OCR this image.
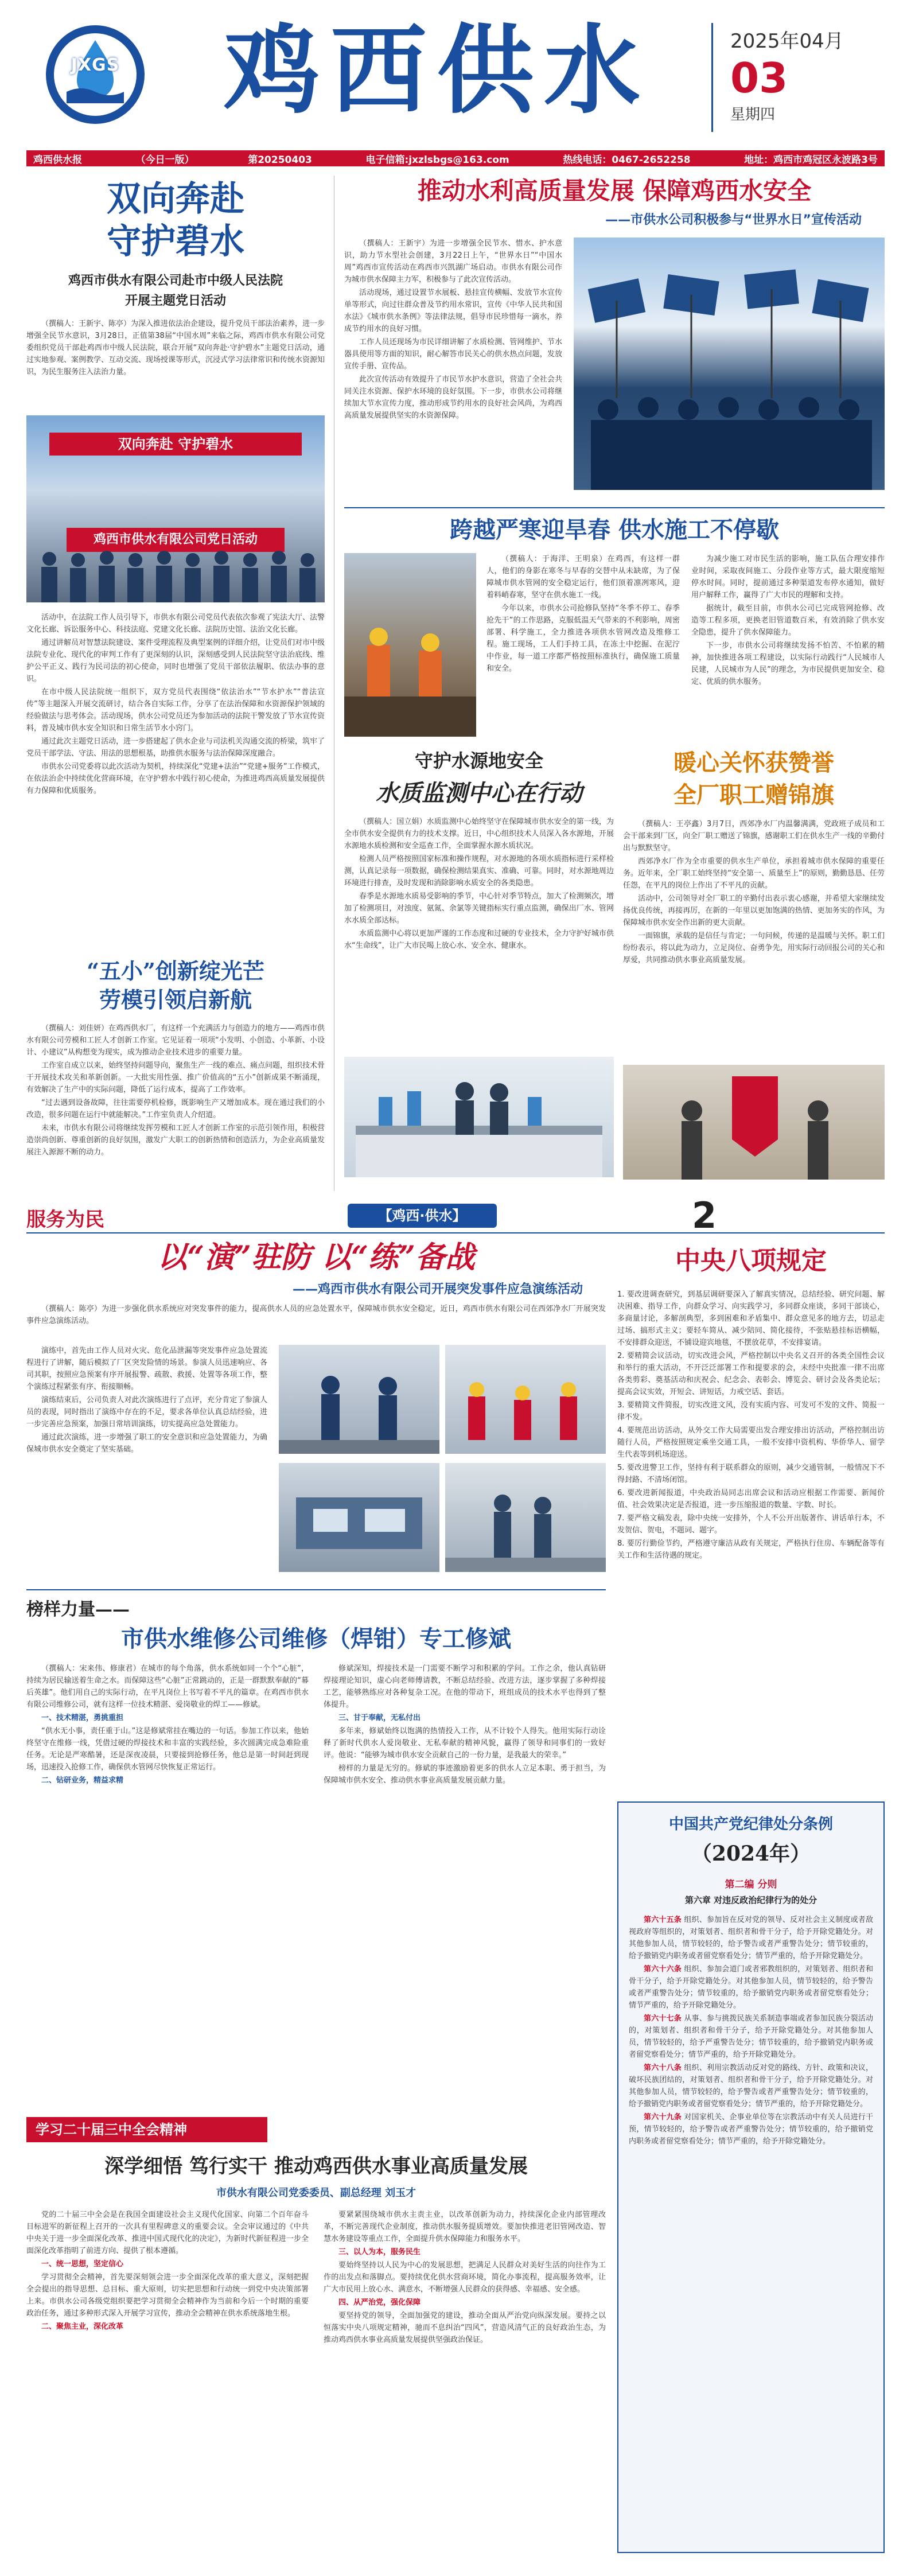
JXGS 鸡西供水	2025年04月
03
星期四
鸡西供水报	（今日一版）	第20250403	电子信箱:jxzlsbgs@163.com	热线电话：0467-2652258	地址：鸡西市鸡冠区永波路3号
双向奔赴
守护碧水
鸡西市供水有限公司赴市中级人民法院
开展主题党日活动

（撰稿人：王新宇、陈亭）为深入推进依法治企建设，提升党员干部法治素养，进一步增强全民节水意识，3月28日，正值第38届“中国水周”来临之际，鸡西市供水有限公司党委组织党员干部赴鸡西市中级人民法院，联合开展“双向奔赴·守护碧水”主题党日活动，通过实地参观、案例教学、互动交流、现场授课等形式，沉浸式学习法律常识和传统水资源知识，为民生服务注入法治力量。

双向奔赴 守护碧水
鸡西市供水有限公司党日活动

活动中，在法院工作人员引导下，市供水有限公司党员代表依次参观了宪法大厅、法警文化长廊、诉讼服务中心、科技法庭、党建文化长廊、法院历史馆、法治文化长廊。

通过讲解员对智慧法院建设、案件受理流程及典型案例的详细介绍，让党员们对市中级法院专业化、现代化的审判工作有了更深刻的认识，深刻感受到人民法院坚守法治底线、维护公平正义、践行为民司法的初心使命，同时也增强了党员干部依法履职、依法办事的意识。

在市中级人民法院统一组织下，双方党员代表围绕“依法治水”“节水护水”“普法宣传”等主题深入开展交流研讨，结合各自实际工作，分享了在法治保障和水资源保护领域的经验做法与思考体会。活动现场，供水公司党员还为参加活动的法院干警发放了节水宣传资料，普及城市供水安全知识和日常生活节水小窍门。

通过此次主题党日活动，进一步搭建起了供水企业与司法机关沟通交流的桥梁，筑牢了党员干部学法、守法、用法的思想根基，助推供水服务与法治保障深度融合。

市供水公司党委将以此次活动为契机，持续深化“党建+法治”“党建+服务”工作模式，在依法治企中持续优化营商环境，在守护碧水中践行初心使命，为推进鸡西高质量发展提供有力保障和优质服务。

推动水利高质量发展 保障鸡西水安全
——市供水公司积极参与“世界水日”宣传活动

（撰稿人：王新宇）为进一步增强全民节水、惜水、护水意识，助力节水型社会创建，3月22日上午，“世界水日”“中国水周”鸡西市宣传活动在鸡西市兴凯湖广场启动。市供水有限公司作为城市供水保障主力军，积极参与了此次宣传活动。

活动现场，通过设置节水展板、悬挂宣传横幅、发放节水宣传单等形式，向过往群众普及节约用水常识，宣传《中华人民共和国水法》《城市供水条例》等法律法规，倡导市民珍惜每一滴水，养成节约用水的良好习惯。

工作人员还现场为市民详细讲解了水质检测、管网维护、节水器具使用等方面的知识，耐心解答市民关心的供水热点问题，发放宣传手册、宣传品。

此次宣传活动有效提升了市民节水护水意识，营造了全社会共同关注水资源、保护水环境的良好氛围。下一步，市供水公司将继续加大节水宣传力度，推动形成节约用水的良好社会风尚，为鸡西高质量发展提供坚实的水资源保障。

跨越严寒迎旱春 供水施工不停歇

（撰稿人：于海洋、王明泉）在鸡西，有这样一群人，他们的身影在寒冬与早春的交替中从未缺席，为了保障城市供水管网的安全稳定运行，他们顶着凛冽寒风，迎着料峭春寒，坚守在供水施工一线。

今年以来，市供水公司抢修队坚持“冬季不停工、春季抢先干”的工作思路，克服低温天气带来的不利影响，周密部署、科学施工，全力推进各项供水管网改造及维修工程。施工现场，工人们手持工具，在冻土中挖掘、在泥泞中作业，每一道工序都严格按照标准执行，确保施工质量和安全。

为减少施工对市民生活的影响，施工队伍合理安排作业时间，采取夜间施工、分段作业等方式，最大限度缩短停水时间。同时，提前通过多种渠道发布停水通知，做好用户解释工作，赢得了广大市民的理解和支持。

据统计，截至目前，市供水公司已完成管网抢修、改造等工程多项，更换老旧管道数百米，有效消除了供水安全隐患，提升了供水保障能力。

下一步，市供水公司将继续发扬不怕苦、不怕累的精神，加快推进各项工程建设，以实际行动践行“人民城市人民建，人民城市为人民”的理念，为市民提供更加安全、稳定、优质的供水服务。

守护水源地安全
水质监测中心在行动

（撰稿人：国立娟）水质监测中心始终坚守在保障城市供水安全的第一线，为全市供水安全提供有力的技术支撑。近日，中心组织技术人员深入各水源地，开展水源地水质检测和安全巡查工作，全面掌握水源水质状况。

检测人员严格按照国家标准和操作规程，对水源地的各项水质指标进行采样检测，认真记录每一项数据，确保检测结果真实、准确、可靠。同时，对水源地周边环境进行排查，及时发现和消除影响水质安全的各类隐患。

春季是水源地水质易受影响的季节，中心针对季节特点，加大了检测频次，增加了检测项目，对浊度、氨氮、余氯等关键指标实行重点监测，确保出厂水、管网水水质全部达标。

水质监测中心将以更加严谨的工作态度和过硬的专业技术，全力守护好城市供水“生命线”，让广大市民喝上放心水、安全水、健康水。

暖心关怀获赞誉
全厂职工赠锦旗

（撰稿人：王亭鑫）3月7日，西郊净水厂内温馨满满，党政班子成员和工会干部来到厂区，向全厂职工赠送了锦旗，感谢职工们在供水生产一线的辛勤付出与默默坚守。

西郊净水厂作为全市重要的供水生产单位，承担着城市供水保障的重要任务。近年来，全厂职工始终坚持“安全第一、质量至上”的原则，勤勤恳恳、任劳任怨，在平凡的岗位上作出了不平凡的贡献。

活动中，公司领导对全厂职工的辛勤付出表示衷心感谢，并希望大家继续发扬优良传统，再接再厉，在新的一年里以更加饱满的热情、更加务实的作风，为保障城市供水安全作出新的更大贡献。

一面锦旗，承载的是信任与肯定；一句问候，传递的是温暖与关怀。职工们纷纷表示，将以此为动力，立足岗位、奋勇争先，用实际行动回报公司的关心和厚爱，共同推动供水事业高质量发展。

“五小”创新绽光芒
劳模引领启新航

（撰稿人：刘佳妍）在鸡西供水厂，有这样一个充满活力与创造力的地方——鸡西市供水有限公司劳模和工匠人才创新工作室。它见证着一项项“小发明、小创造、小革新、小设计、小建议”从构想变为现实，成为推动企业技术进步的重要力量。

工作室自成立以来，始终坚持问题导向，聚焦生产一线的难点、痛点问题，组织技术骨干开展技术攻关和革新创新。一大批实用性强、推广价值高的“五小”创新成果不断涌现，有效解决了生产中的实际问题，降低了运行成本，提高了工作效率。

“过去遇到设备故障，往往需要停机检修，既影响生产又增加成本。现在通过我们的小改造，很多问题在运行中就能解决。”工作室负责人介绍道。

未来，市供水有限公司将继续发挥劳模和工匠人才创新工作室的示范引领作用，积极营造崇尚创新、尊重创新的良好氛围，激发广大职工的创新热情和创造活力，为企业高质量发展注入源源不断的动力。

服务为民	【鸡西·供水】	2
以“演”驻防 以“练”备战
——鸡西市供水有限公司开展突发事件应急演练活动

（撰稿人：陈亭）为进一步强化供水系统应对突发事件的能力，提高供水人员的应急处置水平，保障城市供水安全稳定，近日，鸡西市供水有限公司在西郊净水厂开展突发事件应急演练活动。

演练中，首先由工作人员对火灾、危化品泄漏等突发事件应急处置流程进行了讲解，随后模拟了厂区突发险情的场景。参演人员迅速响应、各司其职，按照应急预案有序开展报警、疏散、救援、处置等各项工作，整个演练过程紧张有序、衔接顺畅。

演练结束后，公司负责人对此次演练进行了点评，充分肯定了参演人员的表现，同时指出了演练中存在的不足，要求各单位认真总结经验，进一步完善应急预案，加强日常培训演练，切实提高应急处置能力。

通过此次演练，进一步增强了职工的安全意识和应急处置能力，为确保城市供水安全奠定了坚实基础。

中央八项规定

1. 要改进调查研究，到基层调研要深入了解真实情况，总结经验、研究问题、解决困难、指导工作，向群众学习、向实践学习，多同群众座谈，多同干部谈心，多商量讨论，多解剖典型，多到困难和矛盾集中、群众意见多的地方去，切忌走过场、搞形式主义；要轻车简从、减少陪同、简化接待，不张贴悬挂标语横幅，不安排群众迎送，不铺设迎宾地毯，不摆放花草，不安排宴请。

2. 要精简会议活动，切实改进会风，严格控制以中央名义召开的各类全国性会议和举行的重大活动，不开泛泛部署工作和提要求的会，未经中央批准一律不出席各类剪彩、奠基活动和庆祝会、纪念会、表彰会、博览会、研讨会及各类论坛；提高会议实效，开短会、讲短话，力戒空话、套话。

3. 要精简文件简报，切实改进文风，没有实质内容、可发可不发的文件、简报一律不发。

4. 要规范出访活动，从外交工作大局需要出发合理安排出访活动，严格控制出访随行人员，严格按照规定乘坐交通工具，一般不安排中资机构、华侨华人、留学生代表等到机场迎送。

5. 要改进警卫工作，坚持有利于联系群众的原则，减少交通管制，一般情况下不得封路、不清场闭馆。

6. 要改进新闻报道，中央政治局同志出席会议和活动应根据工作需要、新闻价值、社会效果决定是否报道，进一步压缩报道的数量、字数、时长。

7. 要严格文稿发表，除中央统一安排外，个人不公开出版著作、讲话单行本，不发贺信、贺电，不题词、题字。

8. 要厉行勤俭节约，严格遵守廉洁从政有关规定，严格执行住房、车辆配备等有关工作和生活待遇的规定。

榜样力量——
市供水维修公司维修（焊钳）专工修斌

（撰稿人：宋来伟、修康君）在城市的每个角落，供水系统如同一个个“心脏”，持续为居民输送着生命之水。而保障这些“心脏”正常跳动的，正是一群默默奉献的“幕后英雄”。他们用自己的实际行动，在平凡岗位上书写着不平凡的篇章。在鸡西市供水有限公司维修公司，就有这样一位技术精湛、爱岗敬业的焊工——修斌。

一、技术精湛，勇挑重担

“供水无小事，责任重于山。”这是修斌常挂在嘴边的一句话。参加工作以来，他始终坚守在维修一线，凭借过硬的焊接技术和丰富的实践经验，多次圆满完成急难险重任务。无论是严寒酷暑，还是深夜凌晨，只要接到抢修任务，他总是第一时间赶到现场，迅速投入抢修工作，确保供水管网尽快恢复正常运行。

二、钻研业务，精益求精

修斌深知，焊接技术是一门需要不断学习和积累的学问。工作之余，他认真钻研焊接理论知识，虚心向老师傅请教，不断总结经验、改进方法，逐步掌握了多种焊接工艺，能够熟练应对各种复杂工况。在他的带动下，班组成员的技术水平也得到了整体提升。

三、甘于奉献，无私付出

多年来，修斌始终以饱满的热情投入工作，从不计较个人得失。他用实际行动诠释了新时代供水人爱岗敬业、无私奉献的精神风貌，赢得了领导和同事们的一致好评。他说：“能够为城市供水安全贡献自己的一份力量，是我最大的荣幸。”

榜样的力量是无穷的。修斌的事迹激励着更多的供水人立足本职、勇于担当，为保障城市供水安全、推动供水事业高质量发展贡献力量。

中国共产党纪律处分条例
（2024年）
第二编 分则
第六章 对违反政治纪律行为的处分

第六十五条 组织、参加旨在反对党的领导、反对社会主义制度或者敌视政府等组织的，对策划者、组织者和骨干分子，给予开除党籍处分。对其他参加人员，情节较轻的，给予警告或者严重警告处分；情节较重的，给予撤销党内职务或者留党察看处分；情节严重的，给予开除党籍处分。

第六十六条 组织、参加会道门或者邪教组织的，对策划者、组织者和骨干分子，给予开除党籍处分。对其他参加人员，情节较轻的，给予警告或者严重警告处分；情节较重的，给予撤销党内职务或者留党察看处分；情节严重的，给予开除党籍处分。

第六十七条 从事、参与挑拨民族关系制造事端或者参加民族分裂活动的，对策划者、组织者和骨干分子，给予开除党籍处分。对其他参加人员，情节较轻的，给予严重警告处分；情节较重的，给予撤销党内职务或者留党察看处分；情节严重的，给予开除党籍处分。

第六十八条 组织、利用宗教活动反对党的路线、方针、政策和决议，破坏民族团结的，对策划者、组织者和骨干分子，给予开除党籍处分。对其他参加人员，情节较轻的，给予警告或者严重警告处分；情节较重的，给予撤销党内职务或者留党察看处分；情节严重的，给予开除党籍处分。

第六十九条 对国家机关、企事业单位等在宗教活动中有关人员进行干预，情节较轻的，给予警告或者严重警告处分；情节较重的，给予撤销党内职务或者留党察看处分；情节严重的，给予开除党籍处分。

学习二十届三中全会精神
深学细悟 笃行实干 推动鸡西供水事业高质量发展
市供水有限公司党委委员、副总经理 刘玉才

党的二十届三中全会是在我国全面建设社会主义现代化国家、向第二个百年奋斗目标进军的新征程上召开的一次具有里程碑意义的重要会议。全会审议通过的《中共中央关于进一步全面深化改革、推进中国式现代化的决定》，为新时代新征程进一步全面深化改革指明了前进方向、提供了根本遵循。

一、统一思想，坚定信心

学习贯彻全会精神，首先要深刻领会进一步全面深化改革的重大意义，深刻把握全会提出的指导思想、总目标、重大原则，切实把思想和行动统一到党中央决策部署上来。市供水公司各级党组织要把学习贯彻全会精神作为当前和今后一个时期的重要政治任务，通过多种形式深入开展学习宣传，推动全会精神在供水系统落地生根。

二、聚焦主业，深化改革

要紧紧围绕城市供水主责主业，以改革创新为动力，持续深化企业内部管理改革，不断完善现代企业制度，推动供水服务提质增效。要加快推进老旧管网改造、智慧水务建设等重点工作，全面提升供水保障能力和服务水平。

三、以人为本，服务民生

要始终坚持以人民为中心的发展思想，把满足人民群众对美好生活的向往作为工作的出发点和落脚点。要持续优化供水营商环境，简化办事流程，提高服务效率，让广大市民用上放心水、满意水，不断增强人民群众的获得感、幸福感、安全感。

四、从严治党，强化保障

要坚持党的领导，全面加强党的建设，推动全面从严治党向纵深发展。要持之以恒落实中央八项规定精神，驰而不息纠治“四风”，营造风清气正的良好政治生态，为推动鸡西供水事业高质量发展提供坚强政治保证。
